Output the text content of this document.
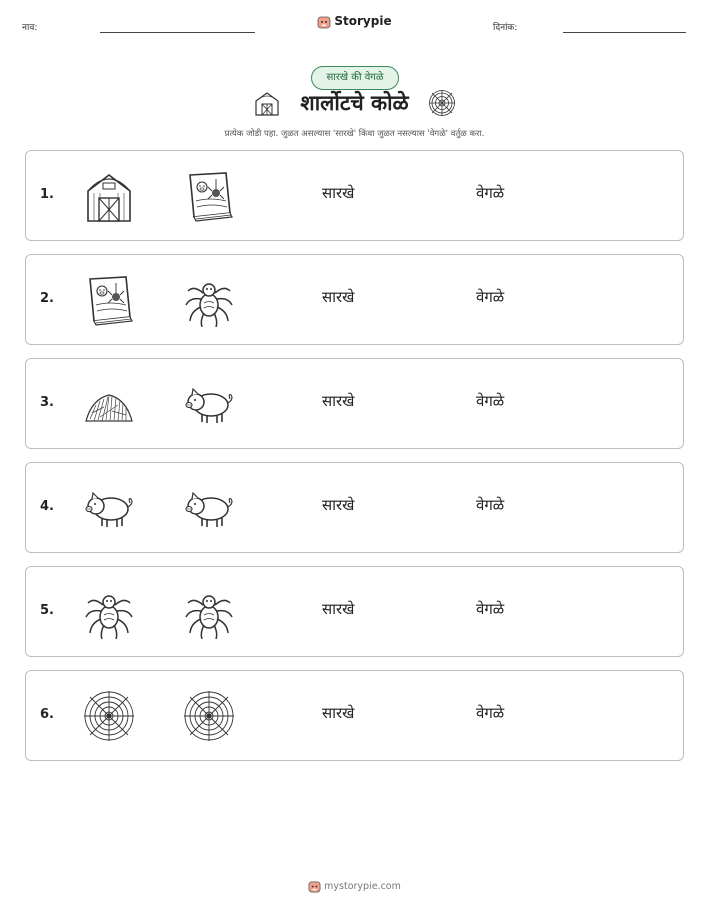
नाव:	Storypie	दिनांक:
सारखे की वेगळे
शार्लोटचे कोळे
प्रत्येक जोडी पहा. जुळत असल्यास 'सारखे' किंवा जुळत नसल्यास 'वेगळे' वर्तुळ करा.
1.	सारखे	वेगळे
2.	सारखे	वेगळे
3.	सारखे	वेगळे
4.	सारखे	वेगळे
5.	सारखे	वेगळे
6.	सारखे	वेगळे
mystorypie.com
